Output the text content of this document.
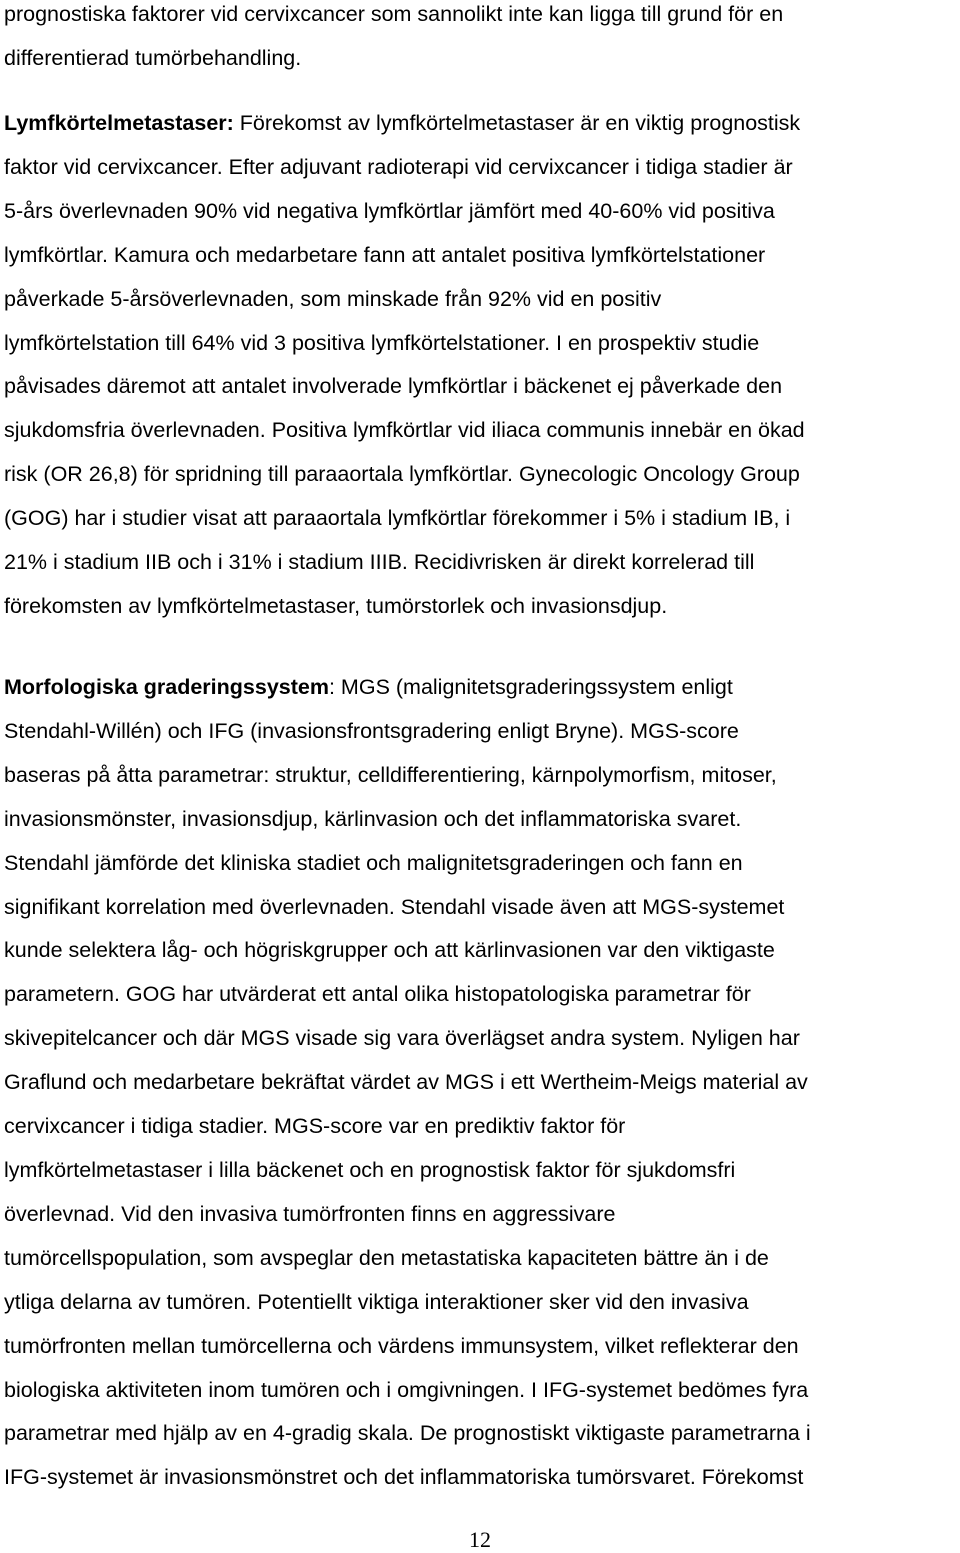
prognostiska faktorer vid cervixcancer som sannolikt inte kan ligga till grund för en
differentierad tumörbehandling.

Lymfkörtelmetastaser: Förekomst av lymfkörtelmetastaser är en viktig prognostisk
faktor vid cervixcancer. Efter adjuvant radioterapi vid cervixcancer i tidiga stadier är
5-års överlevnaden 90% vid negativa lymfkörtlar jämfört med 40-60% vid positiva
lymfkörtlar. Kamura och medarbetare fann att antalet positiva lymfkörtelstationer
påverkade 5-årsöverlevnaden, som minskade från 92% vid en positiv
lymfkörtelstation till 64% vid 3 positiva lymfkörtelstationer. I en prospektiv studie
påvisades däremot att antalet involverade lymfkörtlar i bäckenet ej påverkade den
sjukdomsfria överlevnaden. Positiva lymfkörtlar vid iliaca communis innebär en ökad
risk (OR 26,8) för spridning till paraaortala lymfkörtlar. Gynecologic Oncology Group
(GOG) har i studier visat att paraaortala lymfkörtlar förekommer i 5% i stadium IB, i
21% i stadium IIB och i 31% i stadium IIIB. Recidivrisken är direkt korrelerad till
förekomsten av lymfkörtelmetastaser, tumörstorlek och invasionsdjup.

Morfologiska graderingssystem: MGS (malignitetsgraderingssystem enligt
Stendahl-Willén) och IFG (invasionsfrontsgradering enligt Bryne). MGS-score
baseras på åtta parametrar: struktur, celldifferentiering, kärnpolymorfism, mitoser,
invasionsmönster, invasionsdjup, kärlinvasion och det inflammatoriska svaret.
Stendahl jämförde det kliniska stadiet och malignitetsgraderingen och fann en
signifikant korrelation med överlevnaden. Stendahl visade även att MGS-systemet
kunde selektera låg- och högriskgrupper och att kärlinvasionen var den viktigaste
parametern. GOG har utvärderat ett antal olika histopatologiska parametrar för
skivepitelcancer och där MGS visade sig vara överlägset andra system. Nyligen har
Graflund och medarbetare bekräftat värdet av MGS i ett Wertheim-Meigs material av
cervixcancer i tidiga stadier. MGS-score var en prediktiv faktor för
lymfkörtelmetastaser i lilla bäckenet och en prognostisk faktor för sjukdomsfri
överlevnad. Vid den invasiva tumörfronten finns en aggressivare
tumörcellspopulation, som avspeglar den metastatiska kapaciteten bättre än i de
ytliga delarna av tumören. Potentiellt viktiga interaktioner sker vid den invasiva
tumörfronten mellan tumörcellerna och värdens immunsystem, vilket reflekterar den
biologiska aktiviteten inom tumören och i omgivningen. I IFG-systemet bedömes fyra
parametrar med hjälp av en 4-gradig skala. De prognostiskt viktigaste parametrarna i
IFG-systemet är invasionsmönstret och det inflammatoriska tumörsvaret. Förekomst

12
